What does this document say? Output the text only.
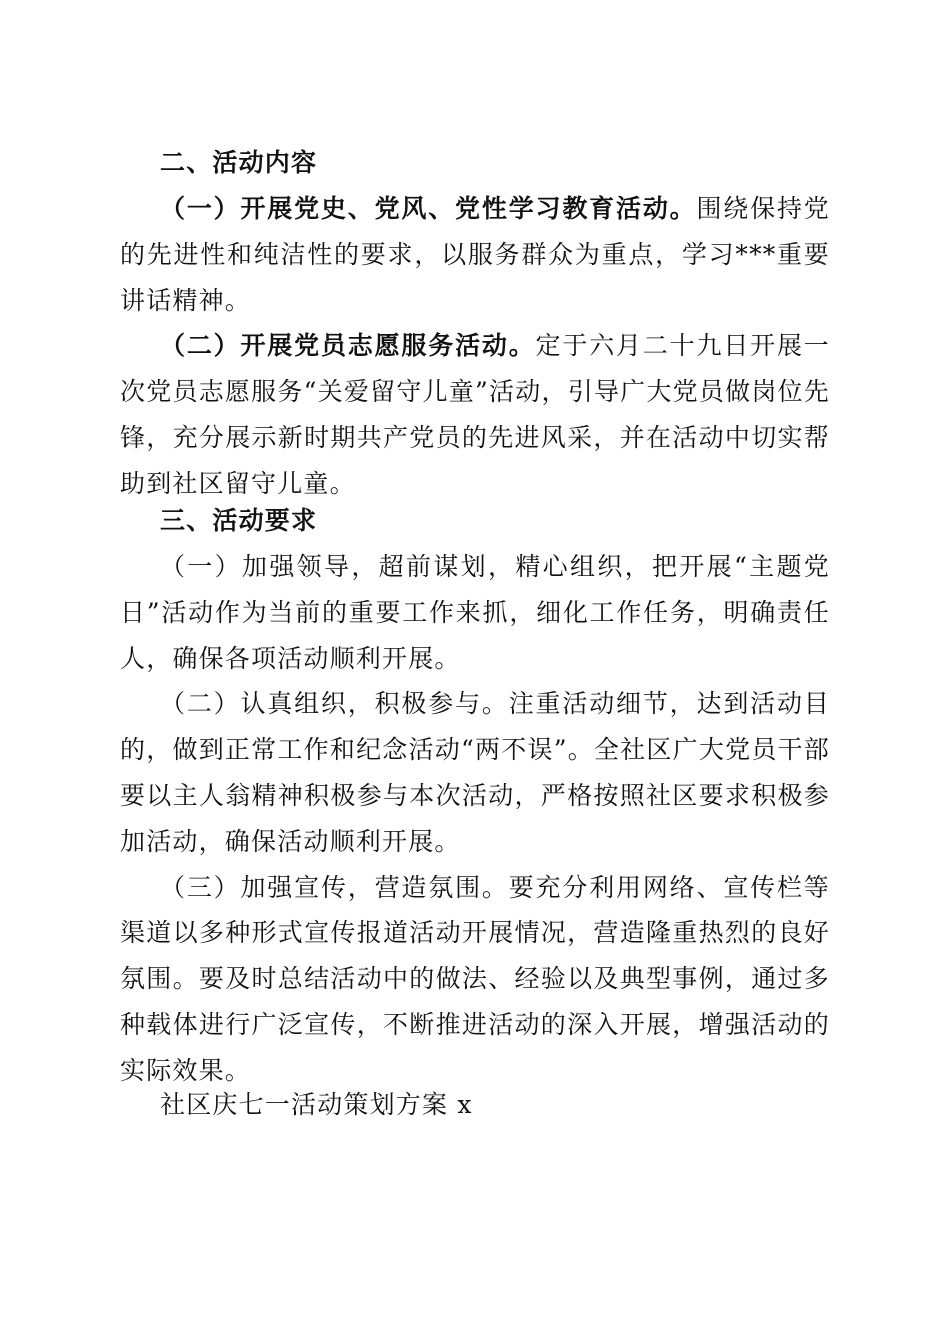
二、活动内容

（一）开展党史、党风、党性学习教育活动。围绕保持党的先进性和纯洁性的要求，以服务群众为重点，学习***重要讲话精神。

（二）开展党员志愿服务活动。定于六月二十九日开展一次党员志愿服务“关爱留守儿童”活动，引导广大党员做岗位先锋，充分展示新时期共产党员的先进风采，并在活动中切实帮助到社区留守儿童。

三、活动要求

（一）加强领导，超前谋划，精心组织，把开展“主题党日”活动作为当前的重要工作来抓，细化工作任务，明确责任人，确保各项活动顺利开展。

（二）认真组织，积极参与。注重活动细节，达到活动目的，做到正常工作和纪念活动“两不误”。全社区广大党员干部要以主人翁精神积极参与本次活动，严格按照社区要求积极参加活动，确保活动顺利开展。

（三）加强宣传，营造氛围。要充分利用网络、宣传栏等渠道以多种形式宣传报道活动开展情况，营造隆重热烈的良好氛围。要及时总结活动中的做法、经验以及典型事例，通过多种载体进行广泛宣传，不断推进活动的深入开展，增强活动的实际效果。

社区庆七一活动策划方案 x
